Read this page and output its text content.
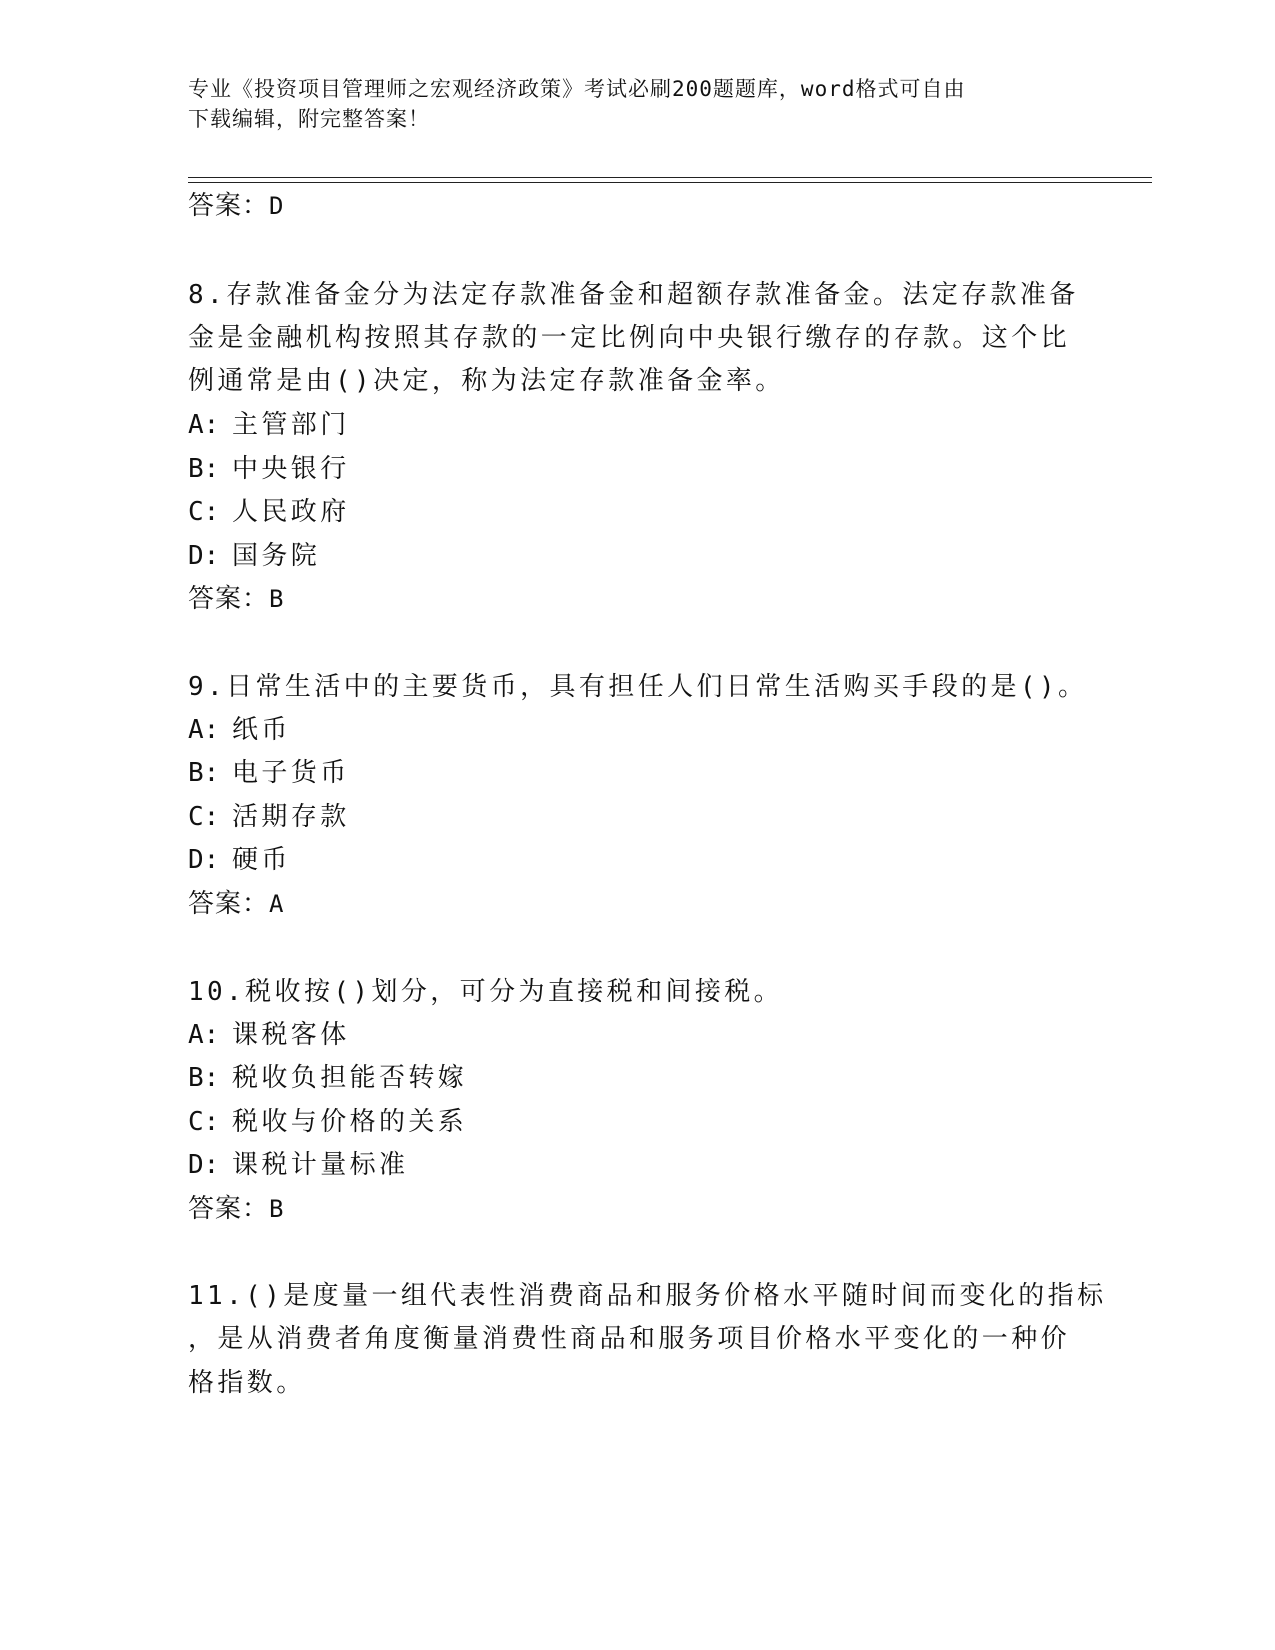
专业《投资项目管理师之宏观经济政策》考试必刷200题题库，word格式可自由
下载编辑，附完整答案！

答案：D

8.存款准备金分为法定存款准备金和超额存款准备金。法定存款准备

金是金融机构按照其存款的一定比例向中央银行缴存的存款。这个比

例通常是由()决定，称为法定存款准备金率。

A: 主管部门

B: 中央银行

C: 人民政府

D: 国务院

答案：B

9.日常生活中的主要货币，具有担任人们日常生活购买手段的是()。

A: 纸币

B: 电子货币

C: 活期存款

D: 硬币

答案：A

10.税收按()划分，可分为直接税和间接税。

A: 课税客体

B: 税收负担能否转嫁

C: 税收与价格的关系

D: 课税计量标准

答案：B

11.()是度量一组代表性消费商品和服务价格水平随时间而变化的指标

，是从消费者角度衡量消费性商品和服务项目价格水平变化的一种价

格指数。
